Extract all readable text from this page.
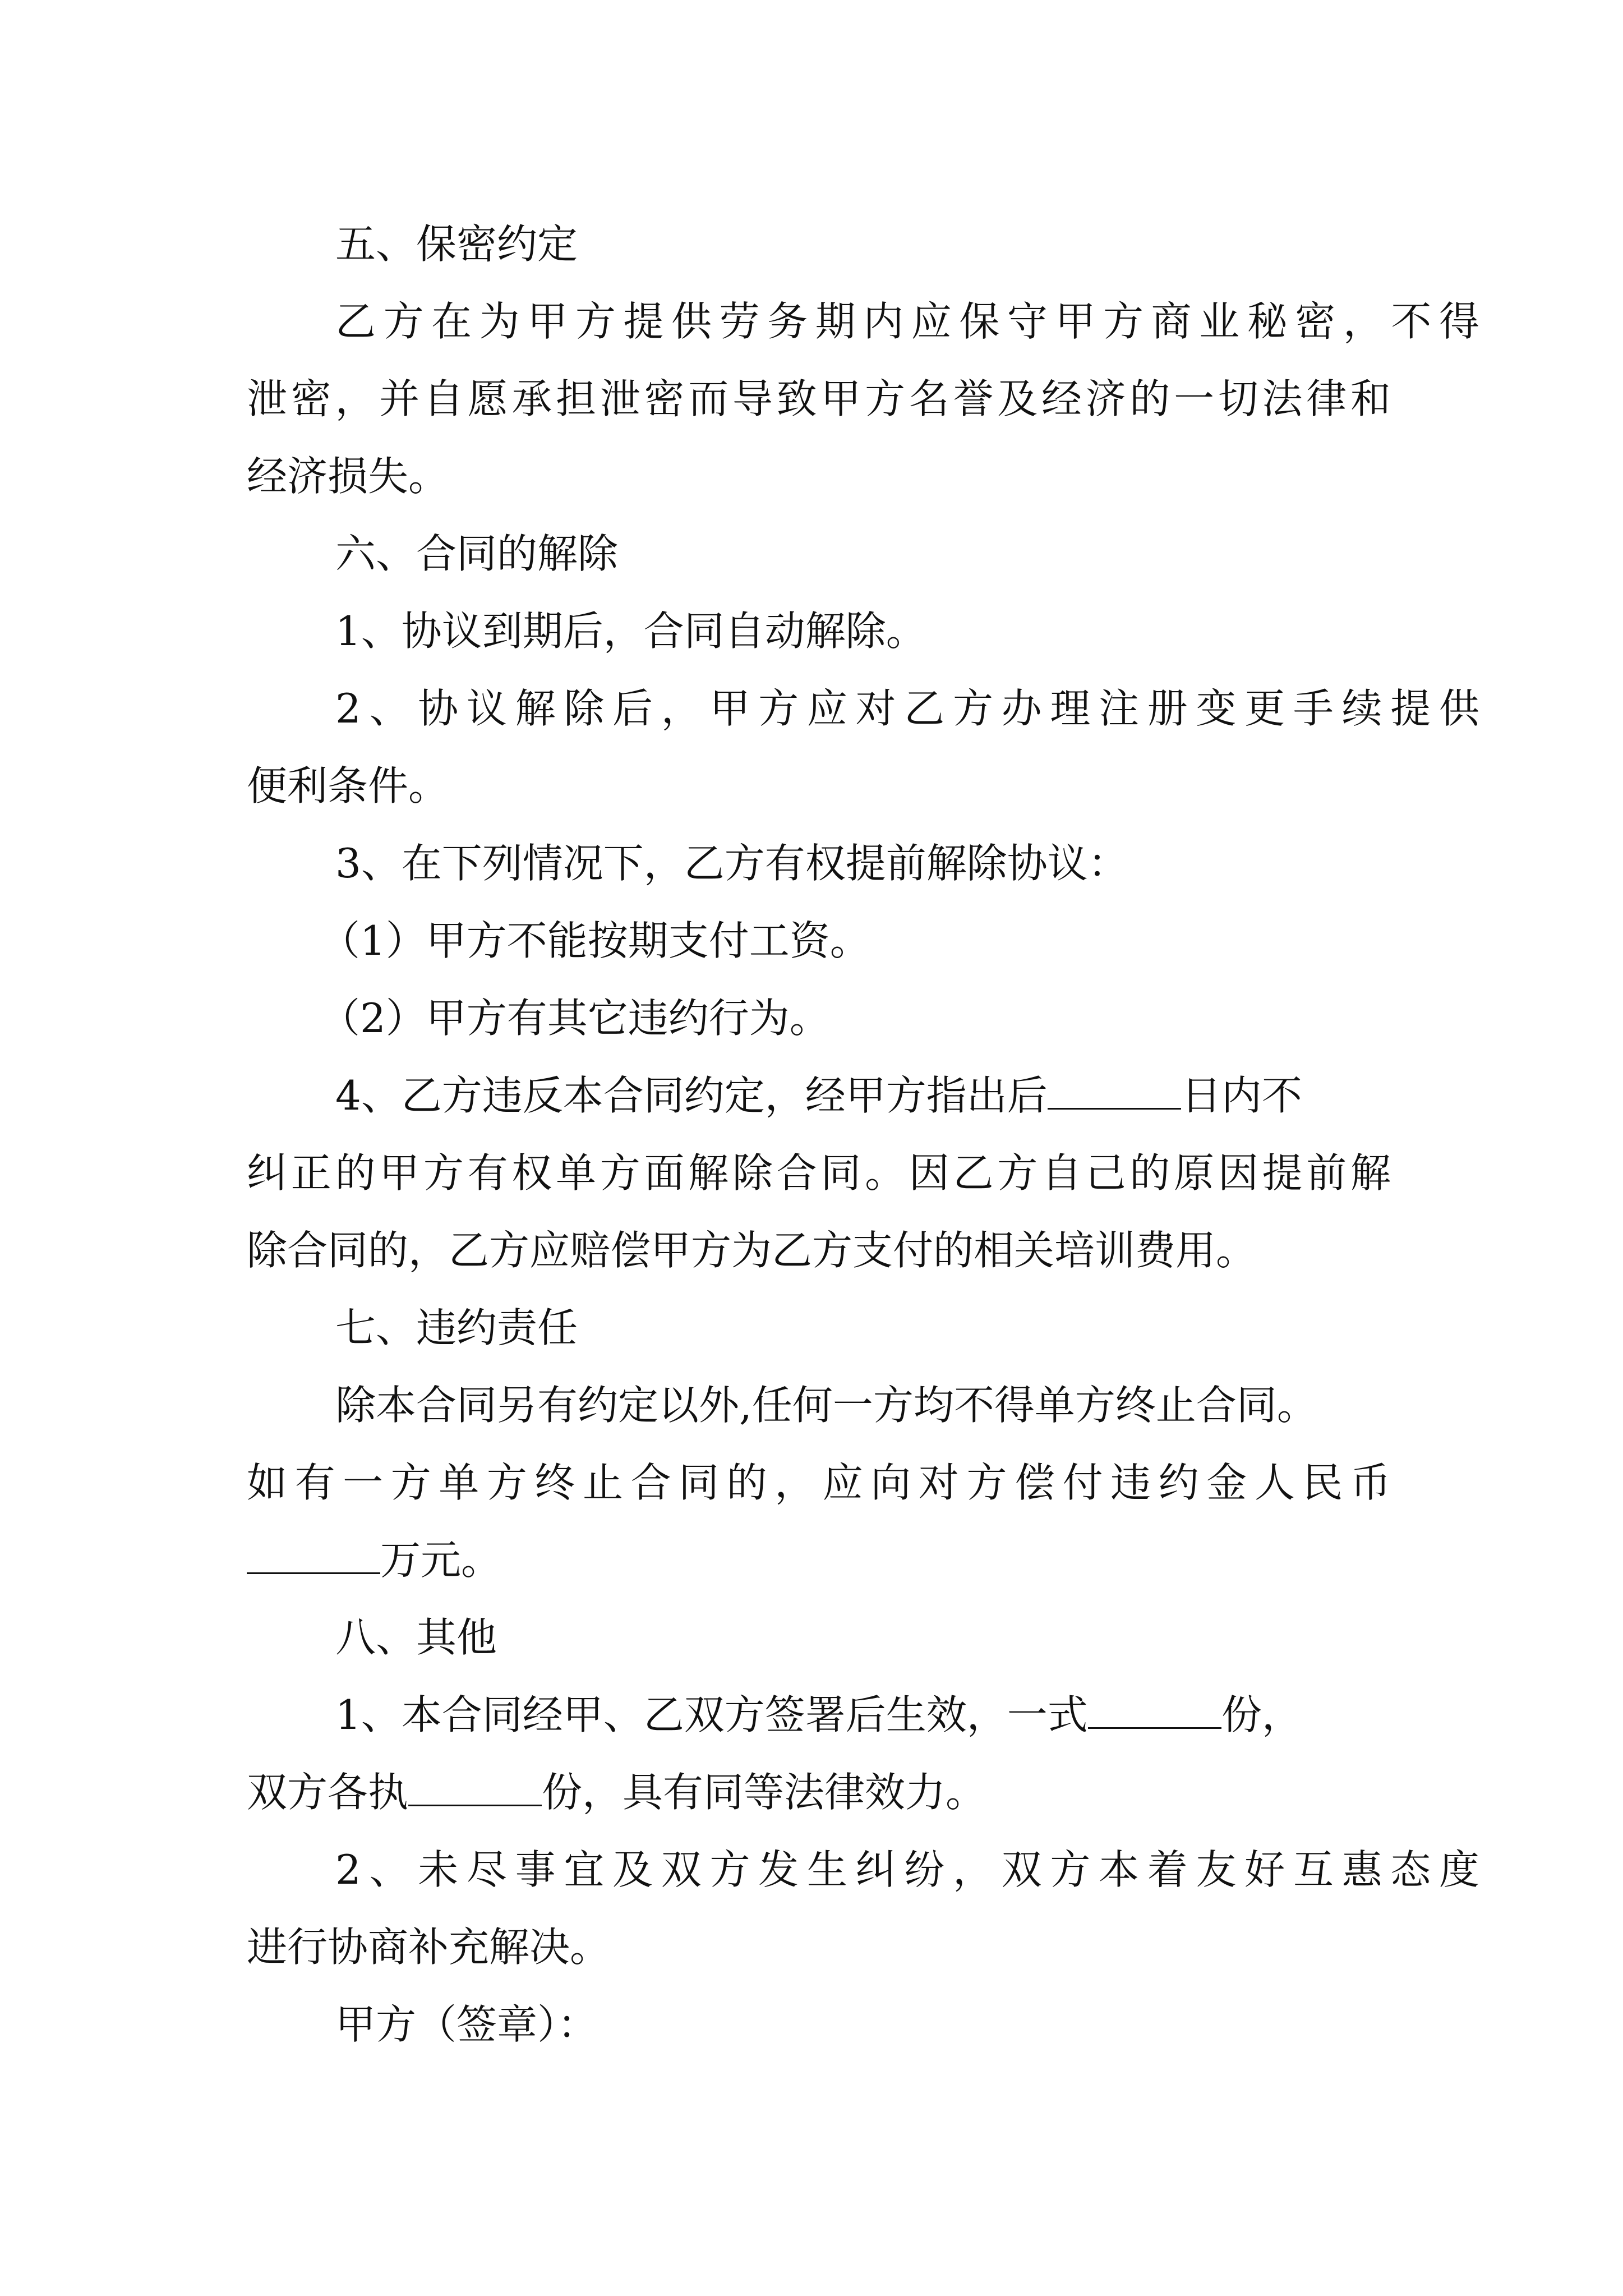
五、保密约定
乙方在为甲方提供劳务期内应保守甲方商业秘密，不得
泄密，并自愿承担泄密而导致甲方名誉及经济的一切法律和
经济损失。
六、合同的解除
1、协议到期后，合同自动解除。
2、协议解除后，甲方应对乙方办理注册变更手续提供
便利条件。
3、在下列情况下，乙方有权提前解除协议：
（1）甲方不能按期支付工资。
（2）甲方有其它违约行为。
4、乙方违反本合同约定，经甲方指出后	日内不
纠正的甲方有权单方面解除合同。因乙方自己的原因提前解
除合同的，乙方应赔偿甲方为乙方支付的相关培训费用。
七、违约责任
除本合同另有约定以外,任何一方均不得单方终止合同。
如有一方单方终止合同的，应向对方偿付违约金人民币
万元。
八、其他
1、本合同经甲、乙双方签署后生效，一式	份，
双方各执	份，具有同等法律效力。
2、未尽事宜及双方发生纠纷，双方本着友好互惠态度
进行协商补充解决。
甲方（签章）：
